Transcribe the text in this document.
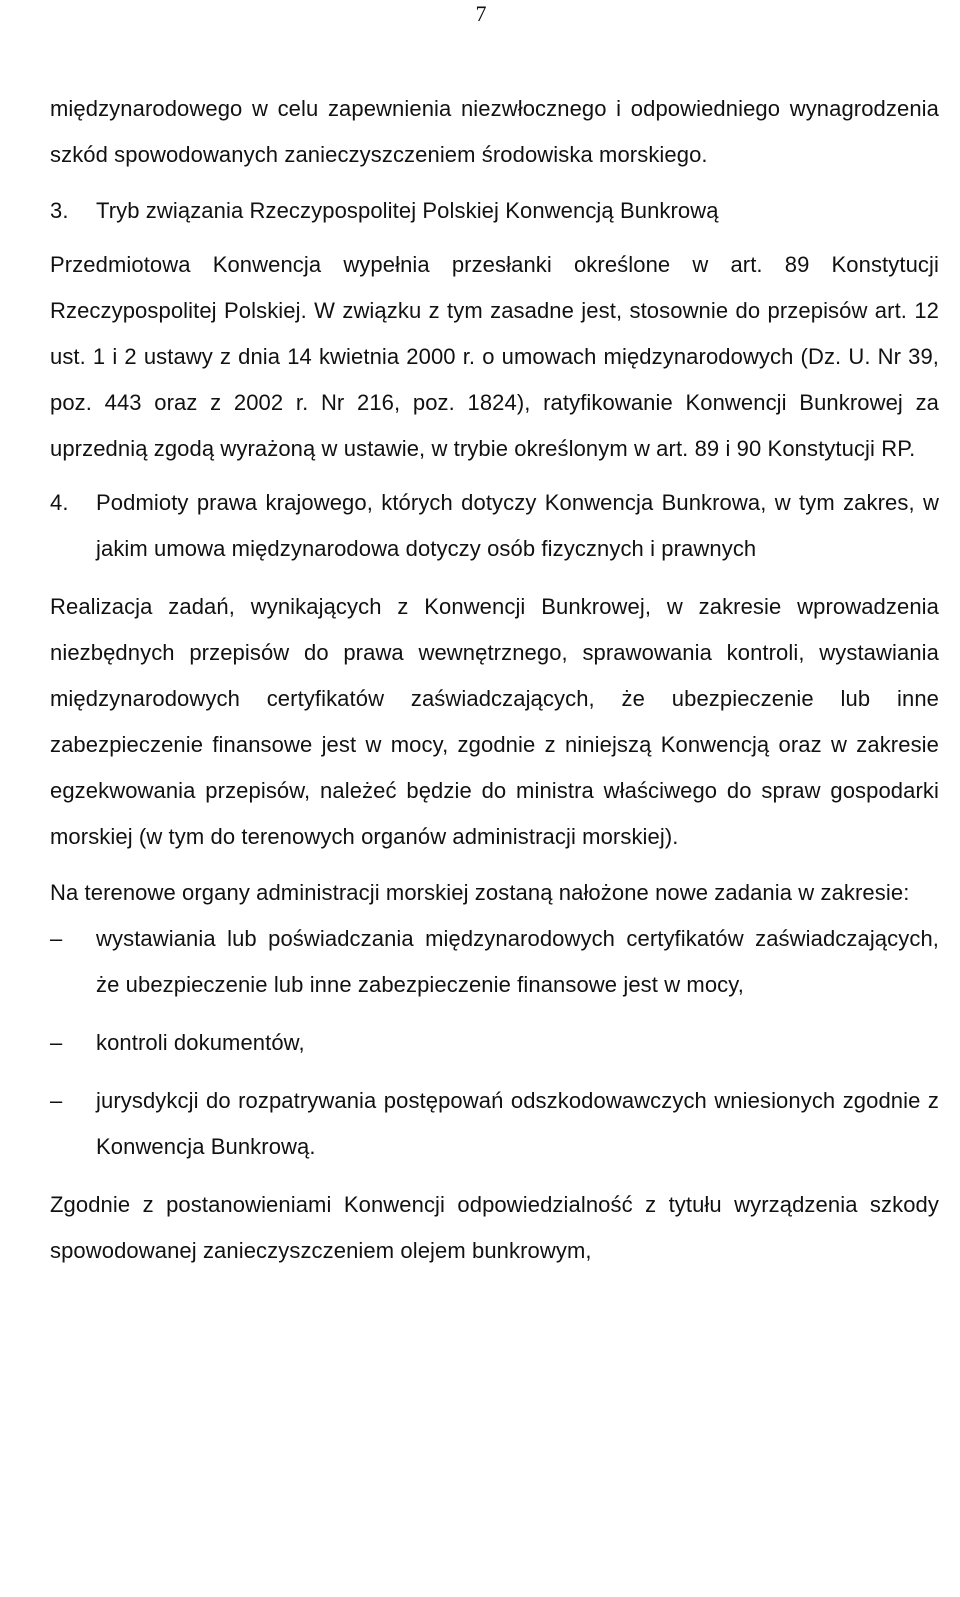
7

międzynarodowego w celu zapewnienia niezwłocznego i odpowiedniego wynagrodzenia szkód spowodowanych zanieczyszczeniem środowiska morskiego.

3.	Tryb związania Rzeczypospolitej Polskiej Konwencją Bunkrową

Przedmiotowa Konwencja wypełnia przesłanki określone w art. 89 Konstytucji Rzeczypospolitej Polskiej. W związku z tym zasadne jest, stosownie do przepisów art. 12 ust. 1 i 2 ustawy z dnia 14 kwietnia 2000 r. o umowach międzynarodowych (Dz. U. Nr 39, poz. 443 oraz z 2002 r. Nr 216, poz. 1824), ratyfikowanie Konwencji Bunkrowej za uprzednią zgodą wyrażoną w ustawie, w trybie określonym w art. 89 i 90 Konstytucji RP.

4.	Podmioty prawa krajowego, których dotyczy Konwencja Bunkrowa, w tym zakres, w jakim umowa międzynarodowa dotyczy osób fizycznych i prawnych

Realizacja zadań, wynikających z Konwencji Bunkrowej, w zakresie wprowadzenia niezbędnych przepisów do prawa wewnętrznego, sprawowania kontroli, wystawiania międzynarodowych certyfikatów zaświadczających, że ubezpieczenie lub inne zabezpieczenie finansowe jest w mocy, zgodnie z niniejszą Konwencją oraz w zakresie egzekwowania przepisów, należeć będzie do ministra właściwego do spraw gospodarki morskiej (w tym do terenowych organów administracji morskiej).

Na terenowe organy administracji morskiej zostaną nałożone nowe zadania w zakresie:

–	wystawiania lub poświadczania międzynarodowych certyfikatów zaświadczających, że ubezpieczenie lub inne zabezpieczenie finansowe jest w mocy,
–	kontroli dokumentów,
–	jurysdykcji do rozpatrywania postępowań odszkodowawczych wniesionych zgodnie z Konwencja Bunkrową.

Zgodnie z postanowieniami Konwencji odpowiedzialność z tytułu wyrządzenia szkody spowodowanej zanieczyszczeniem olejem bunkrowym,
